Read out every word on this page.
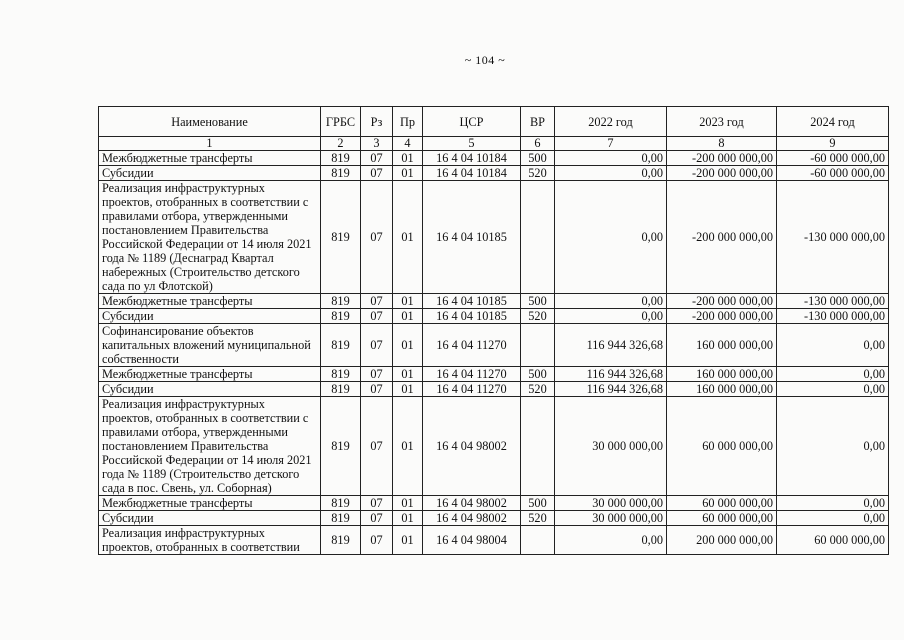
~ 104 ~
Наименование	ГРБС	Рз	Пр	ЦСР	ВР	2022 год	2023 год	2024 год
1	2	3	4	5	6	7	8	9
Межбюджетные трансферты	819	07	01	16 4 04 10184	500	0,00	-200 000 000,00	-60 000 000,00
Субсидии	819	07	01	16 4 04 10184	520	0,00	-200 000 000,00	-60 000 000,00
Реализация инфраструктурных проектов, отобранных в соответствии с правилами отбора, утвержденными постановлением Правительства Российской Федерации от 14 июля 2021 года № 1189 (Деснаград Квартал набережных (Строительство детского сада по ул Флотской)	819	07	01	16 4 04 10185		0,00	-200 000 000,00	-130 000 000,00
Межбюджетные трансферты	819	07	01	16 4 04 10185	500	0,00	-200 000 000,00	-130 000 000,00
Субсидии	819	07	01	16 4 04 10185	520	0,00	-200 000 000,00	-130 000 000,00
Софинансирование объектов капитальных вложений муниципальной собственности	819	07	01	16 4 04 11270		116 944 326,68	160 000 000,00	0,00
Межбюджетные трансферты	819	07	01	16 4 04 11270	500	116 944 326,68	160 000 000,00	0,00
Субсидии	819	07	01	16 4 04 11270	520	116 944 326,68	160 000 000,00	0,00
Реализация инфраструктурных проектов, отобранных в соответствии с правилами отбора, утвержденными постановлением Правительства Российской Федерации от 14 июля 2021 года № 1189 (Строительство детского сада в пос. Свень, ул. Соборная)	819	07	01	16 4 04 98002		30 000 000,00	60 000 000,00	0,00
Межбюджетные трансферты	819	07	01	16 4 04 98002	500	30 000 000,00	60 000 000,00	0,00
Субсидии	819	07	01	16 4 04 98002	520	30 000 000,00	60 000 000,00	0,00
Реализация инфраструктурных проектов, отобранных в соответствии	819	07	01	16 4 04 98004		0,00	200 000 000,00	60 000 000,00
